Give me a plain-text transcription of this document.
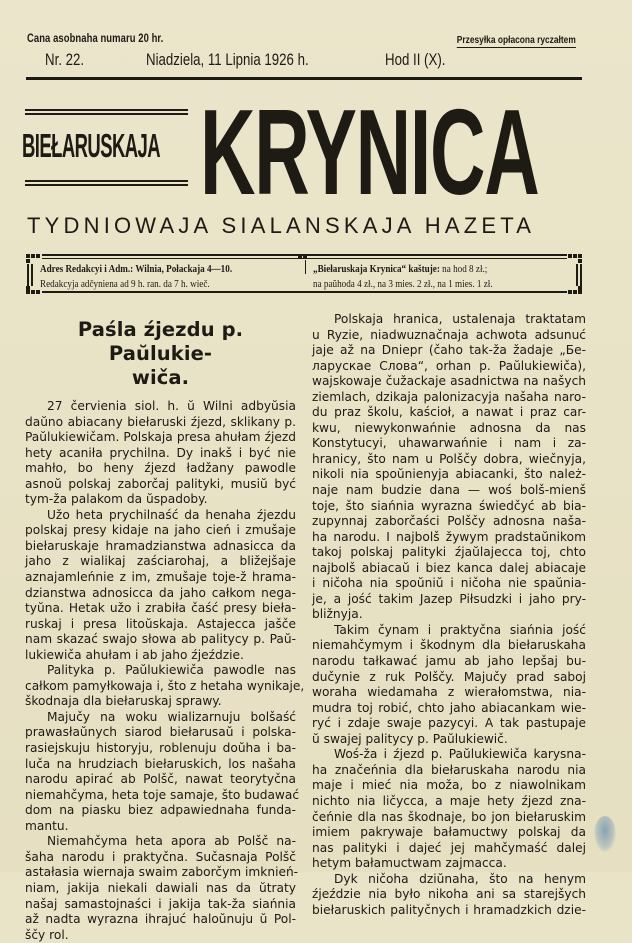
Cana asobnaha numaru 20 hr.	Przesyłka opłacona ryczałtem
Nr. 22.	Niadziela, 11 Lipnia 1926 h.	Hod II (X).
BIEŁARUSKAJA KRYNICA
TYDNIOWAJA SIALANSKAJA HAZETA
Adres Redakcyi i Adm.: Wilnia, Połackaja 4—10.
Redakcyja adčyniena ad 9 h. ran. da 7 h. wieč.
„Biełaruskaja Krynica“ kaštuje: na hod 8 zł.;
na paŭhoda 4 zł., na 3 mies. 2 zł., na 1 mies. 1 zł.
Paśla źjezdu p. Paŭlukie-
wiča.
27 červienia siol. h. ŭ Wilni adbyŭsia
daŭno abiacany biełaruski źjezd, sklikany p.
Paŭlukiewičam. Polskaja presa ahułam źjezd
hety acaniła prychilna. Dy inakš i być nie
mahło, bo heny źjezd ładžany pawodle
asnoŭ polskaj zaborčaj palityki, musiŭ być
tym-ža palakom da ŭspadoby.
Užo heta prychilnaść da henaha źjezdu
polskaj presy kidaje na jaho cień i zmušaje
biełaruskaje hramadzianstwa adnasicca da
jaho z wialikaj zaściarohaj, a bližejšaje
aznajamleńnie z im, zmušaje toje-ž hrama-
dzianstwa adnosicca da jaho całkom nega-
tyŭna. Hetak užo i zrabiła čaść presy bieła-
ruskaj i presa litoŭskaja. Astajecca jašče
nam skazać swajo słowa ab palitycy p. Paŭ-
lukiewiča ahułam i ab jaho źjeździe.
Palityka p. Paŭlukiewiča pawodle nas
całkom pamyłkowaja i, što z hetaha wynikaje,
škodnaja dla biełaruskaj sprawy.
Majučy na woku wializarnuju bolšaść
prawasłaŭnych siarod biełarusaŭ i polska-
rasiejskuju historyju, roblenuju doŭha i ba-
luča na hrudziach biełaruskich, los našaha
narodu apirać ab Polšč, nawat teorytyčna
niemahčyma, heta toje samaje, što budawać
dom na piasku biez adpawiednaha funda-
mantu.
Niemahčyma heta apora ab Polšč na-
šaha narodu i praktyčna. Sučasnaja Polšč
astałasia wiernaja swaim zaborčym imknień-
niam, jakija niekali dawiali nas da ŭtraty
našaj samastojnaści i jakija tak-ža siańnia
až nadta wyrazna ihrajuć haloŭnuju ŭ Pol-
ščy rol.
Polskaja hranica, ustalenaja traktatam
u Ryzie, niadwuznačnaja achwota adsunuć
jaje až na Dniepr (čaho tak-ža žadaje „Бе-
ларускае Слова“, orhan p. Paŭlukiewiča),
wajskowaje čužackaje asadnictwa na našych
ziemlach, dzikaja palonizacyja našaha naro-
du praz školu, kaścioł, a nawat i praz car-
kwu, niewykonwańnie adnosna da nas
Konstytucyi, uhawarwańnie i nam i za-
hranicy, što nam u Polščy dobra, wiečnyja,
nikoli nia spoŭnienyja abiacanki, što należ-
naje nam budzie dana — woś bolš-mienš
toje, što siańnia wyrazna świedčyć ab bia-
zupynnaj zaborčaści Polščy adnosna naša-
ha narodu. I najbolš žywym pradstaŭnikom
takoj polskaj palityki źjaŭlajecca toj, chto
najbolš abiacaŭ i biez kanca dalej abiacaje
i ničoha nia spoŭniŭ i ničoha nie spaŭnia-
je, a jość takim Jazep Piłsudzki i jaho pry-
bližnyja.
Takim čynam i praktyčna siańnia jość
niemahčymym i škodnym dla biełaruskaha
narodu tałkawać jamu ab jaho lepšaj bu-
dučynie z ruk Polščy. Majučy prad saboj
woraha wiedamaha z wierałomstwa, nia-
mudra toj robić, chto jaho abiacankam wie-
ryć i zdaje swaje pazycyi. A tak pastupaje
ŭ swajej palitycy p. Paŭlukiewič.
Woś-ža i źjezd p. Paŭlukiewiča karysna-
ha značeńnia dla biełaruskaha narodu nia
maje i mieć nia moža, bo z niawolnikam
nichto nia ličycca, a maje hety źjezd zna-
čeńnie dla nas škodnaje, bo jon biełaruskim
imiem pakrywaje bałamuctwy polskaj da
nas palityki i dajeć jej mahčymaść dalej
hetym bałamuctwam zajmacca.
Dyk ničoha dziŭnaha, što na henym
źjeździe nia było nikoha ani sa starejšych
biełaruskich palityčnych i hramadzkich dzie-
